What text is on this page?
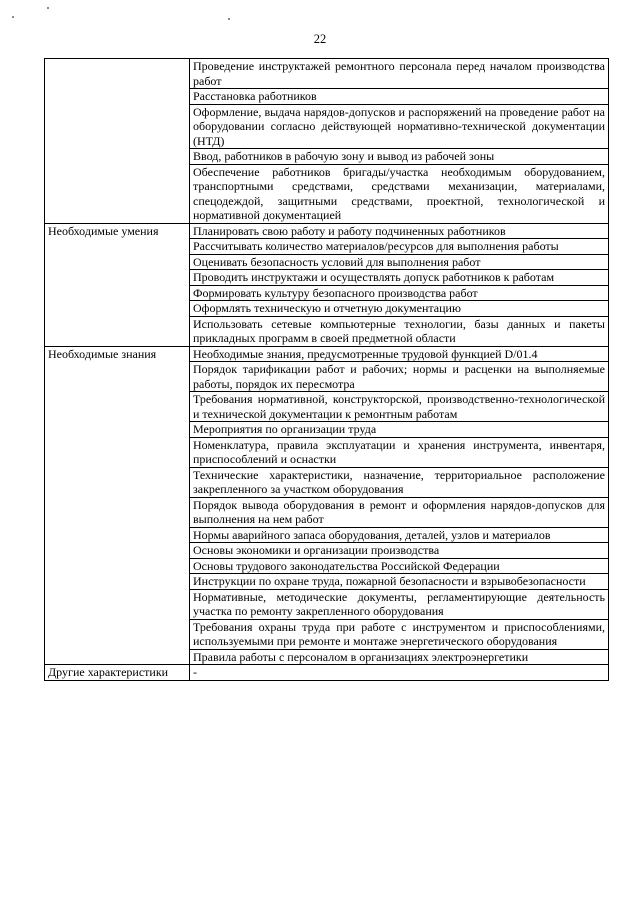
22
	Проведение инструктажей ремонтного персонала перед началом производства работ
	Расстановка работников
	Оформление, выдача нарядов-допусков и распоряжений на проведение работ на оборудовании согласно действующей нормативно-технической документации (НТД)
	Ввод, работников в рабочую зону и вывод из рабочей зоны
	Обеспечение работников бригады/участка необходимым оборудованием, транспортными средствами, средствами механизации, материалами, спецодеждой, защитными средствами, проектной, технологической и нормативной документацией
Необходимые умения	Планировать свою работу и работу подчиненных работников
	Рассчитывать количество материалов/ресурсов для выполнения работы
	Оценивать безопасность условий для выполнения работ
	Проводить инструктажи и осуществлять допуск работников к работам
	Формировать культуру безопасного производства работ
	Оформлять техническую и отчетную документацию
	Использовать сетевые компьютерные технологии, базы данных и пакеты прикладных программ в своей предметной области
Необходимые знания	Необходимые знания, предусмотренные трудовой функцией D/01.4
	Порядок тарификации работ и рабочих; нормы и расценки на выполняемые работы, порядок их пересмотра
	Требования нормативной, конструкторской, производственно-технологической и технической документации к ремонтным работам
	Мероприятия по организации труда
	Номенклатура, правила эксплуатации и хранения инструмента, инвентаря, приспособлений и оснастки
	Технические характеристики, назначение, территориальное расположение закрепленного за участком оборудования
	Порядок вывода оборудования в ремонт и оформления нарядов-допусков для выполнения на нем работ
	Нормы аварийного запаса оборудования, деталей, узлов и материалов
	Основы экономики и организации производства
	Основы трудового законодательства Российской Федерации
	Инструкции по охране труда, пожарной безопасности и взрывобезопасности
	Нормативные, методические документы, регламентирующие деятельность участка по ремонту закрепленного оборудования
	Требования охраны труда при работе с инструментом и приспособлениями, используемыми при ремонте и монтаже энергетического оборудования
	Правила работы с персоналом в организациях электроэнергетики
Другие характеристики	-
